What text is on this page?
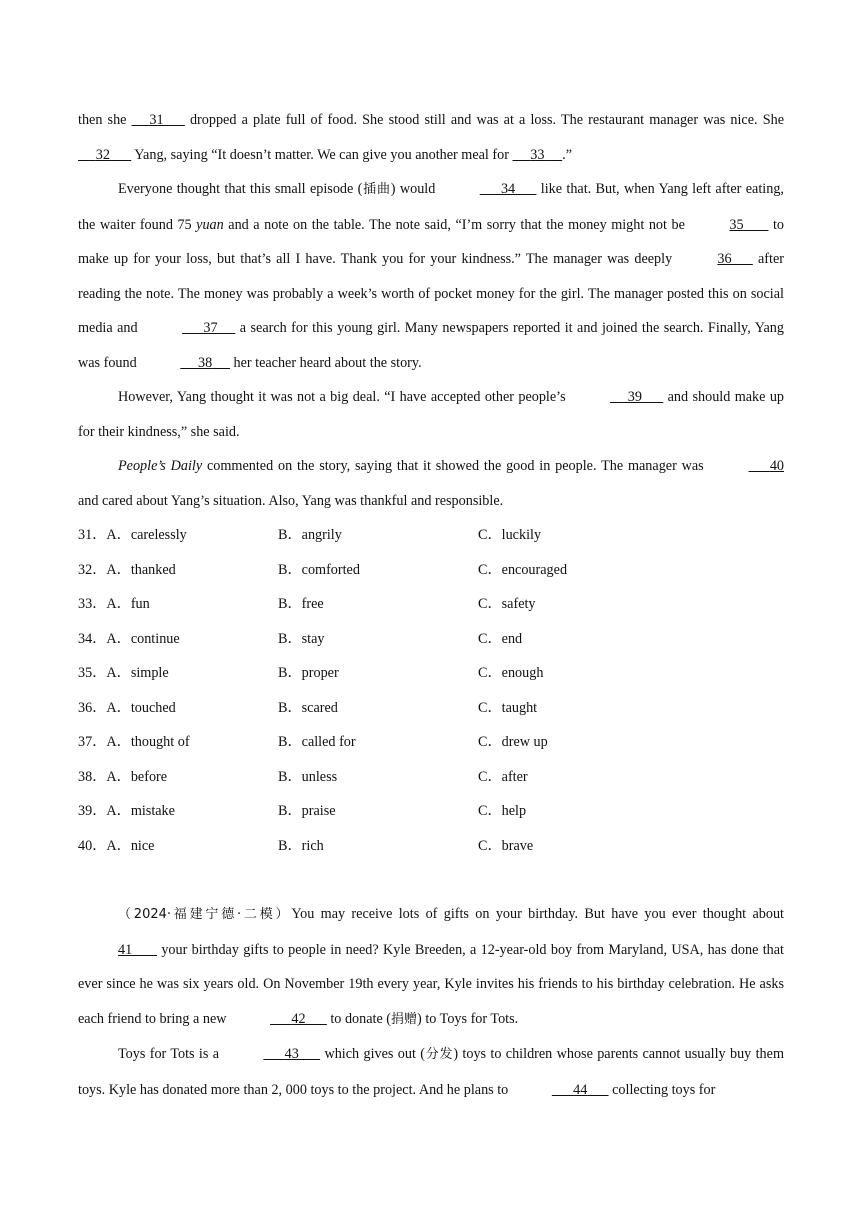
then she      31       dropped a plate full of food. She stood still and was at a loss. The restaurant manager was nice. She      32       Yang, saying “It doesn’t matter. We can give you another meal for      33 .”

Everyone thought that this small episode (插曲) would	34       like that. But, when Yang left after eating, the waiter found 75 yuan and a note on the table. The note said, “I’m sorry that the money might not be	35        to make up for your loss, but that’s all I have. Thank you for your kindness.” The manager was deeply	36       after reading the note. The money was probably a week’s worth of pocket money for the girl. The manager posted this on social media and	37      a search for this young girl. Many newspapers reported it and joined the search. Finally, Yang was found	38      her teacher heard about the story.

However, Yang thought it was not a big deal. “I have accepted other people’s	39       and should make up for their kindness,” she said.

People’s Daily commented on the story, saying that it showed the good in people. The manager was	40 and cared about Yang’s situation. Also, Yang was thankful and responsible.

31．A．carelessly	B．angrily	C．luckily
32．A．thanked	B．comforted	C．encouraged
33．A．fun	B．free	C．safety
34．A．continue	B．stay	C．end
35．A．simple	B．proper	C．enough
36．A．touched	B．scared	C．taught
37．A．thought of	B．called for	C．drew up
38．A．before	B．unless	C．after
39．A．mistake	B．praise	C．help
40．A．nice	B．rich	C．brave

（2024·福建宁德·二模）You may receive lots of gifts on your birthday. But have you ever thought about 41        your birthday gifts to people in need? Kyle Breeden, a 12-year-old boy from Maryland, USA, has done that ever since he was six years old. On November 19th every year, Kyle invites his friends to his birthday celebration. He asks each friend to bring a new	42       to donate (捐赠) to Toys for Tots.

Toys for Tots is a	43       which gives out (分发) toys to children whose parents cannot usually buy them toys. Kyle has donated more than 2, 000 toys to the project. And he plans to	44       collecting toys for
